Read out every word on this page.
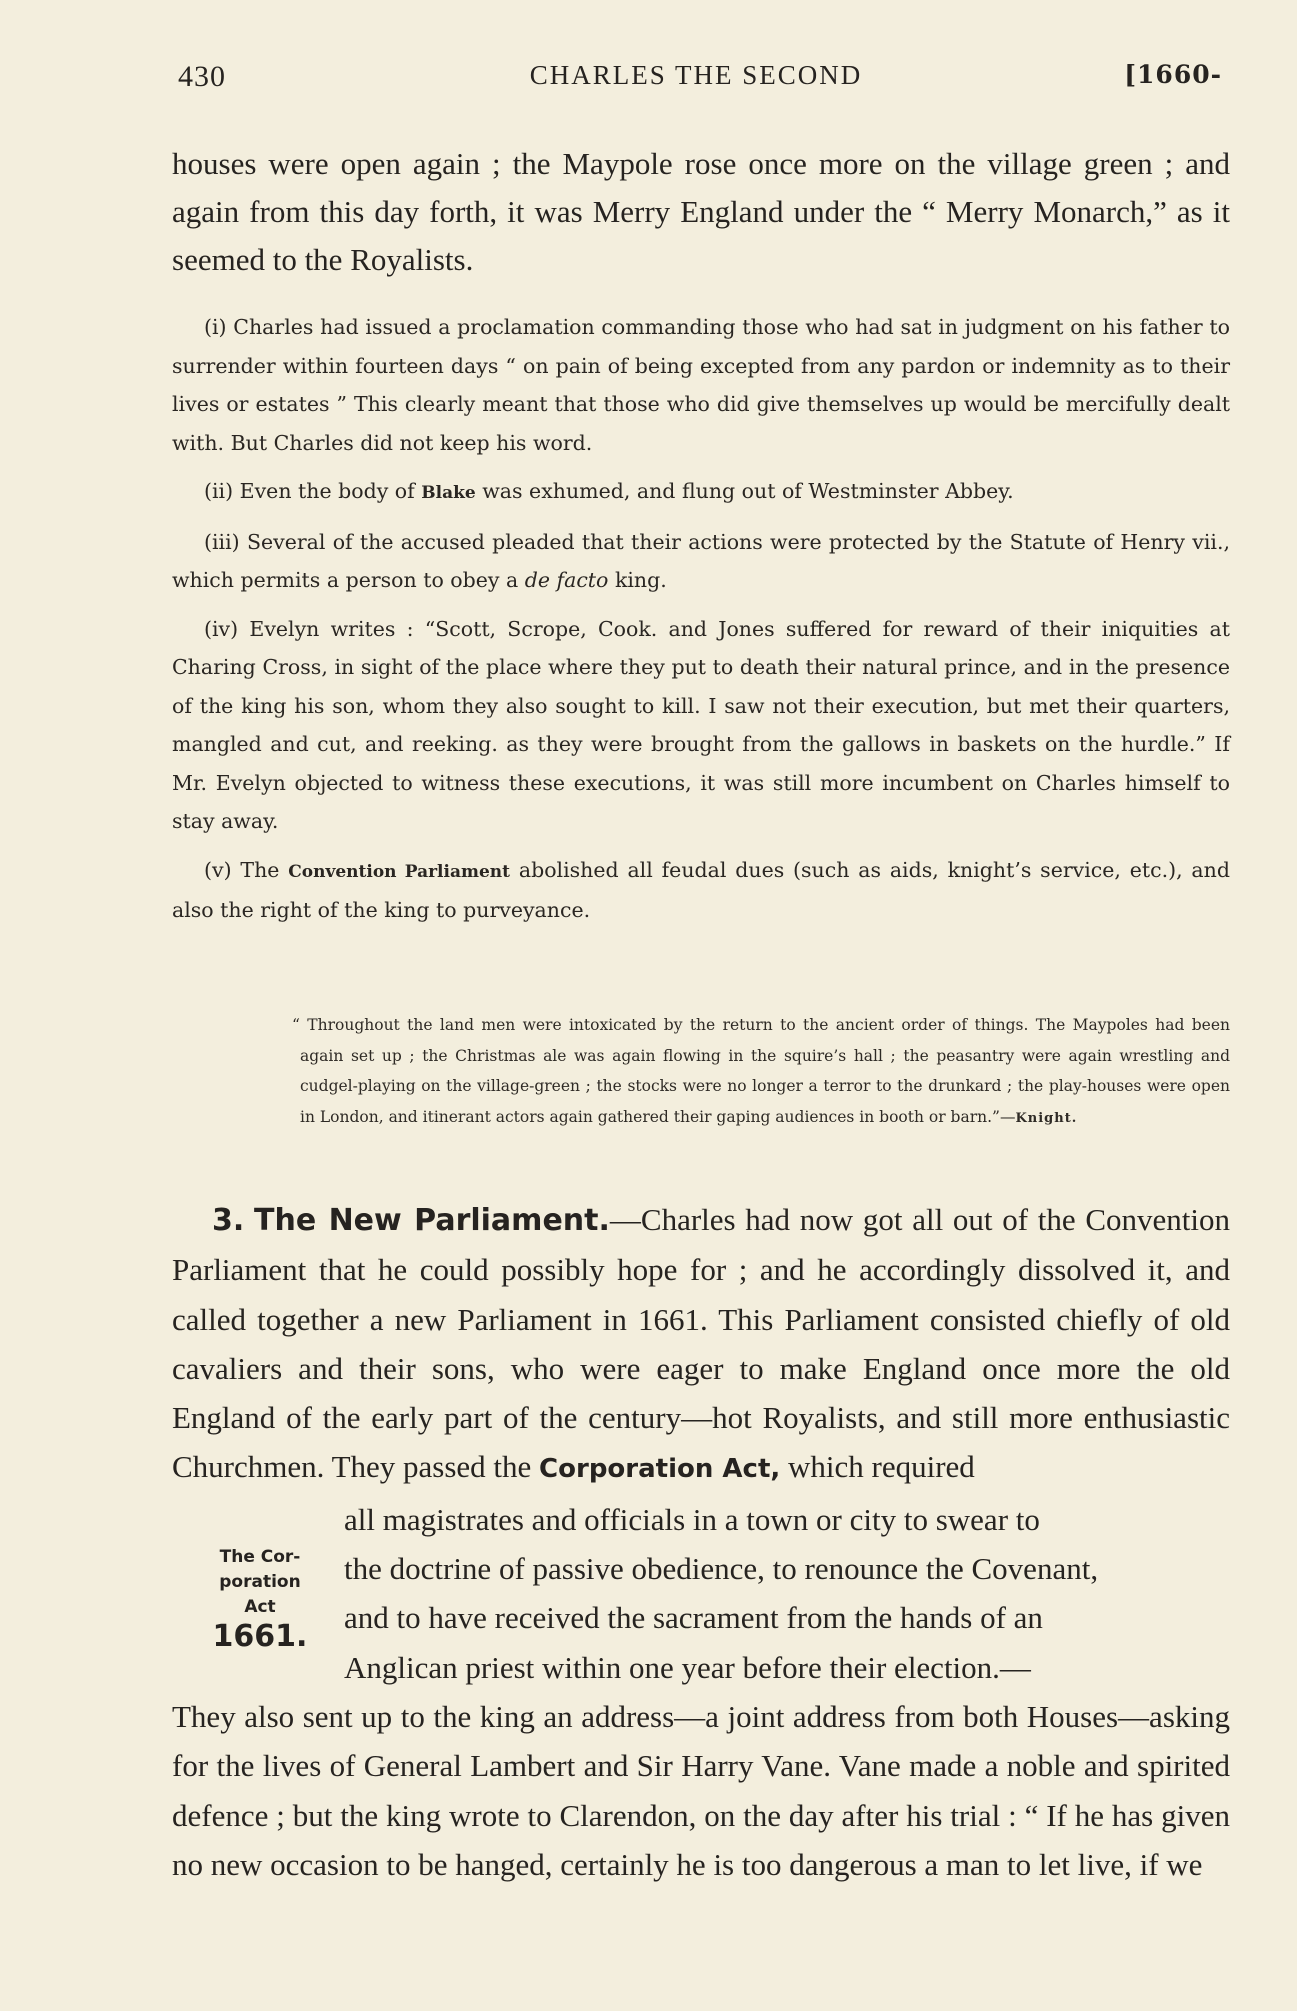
430	CHARLES THE SECOND	[1660-
houses were open again ; the Maypole rose once more on the village green ; and again from this day forth, it was Merry England under the “ Merry Monarch,” as it seemed to the Royalists.

(i) Charles had issued a proclamation commanding those who had sat in judgment on his father to surrender within fourteen days “ on pain of being excepted from any pardon or indemnity as to their lives or estates ” This clearly meant that those who did give themselves up would be mercifully dealt with. But Charles did not keep his word.

(ii) Even the body of Blake was exhumed, and flung out of Westminster Abbey.

(iii) Several of the accused pleaded that their actions were protected by the Statute of Henry vii., which permits a person to obey a de facto king.

(iv) Evelyn writes : “Scott, Scrope, Cook. and Jones suffered for reward of their iniquities at Charing Cross, in sight of the place where they put to death their natural prince, and in the presence of the king his son, whom they also sought to kill. I saw not their execution, but met their quarters, mangled and cut, and reeking. as they were brought from the gallows in baskets on the hurdle.” If Mr. Evelyn objected to witness these executions, it was still more incumbent on Charles himself to stay away.

(v) The Convention Parliament abolished all feudal dues (such as aids, knight’s service, etc.), and also the right of the king to purveyance.

“ Throughout the land men were intoxicated by the return to the ancient order of things. The Maypoles had been again set up ; the Christmas ale was again flowing in the squire’s hall ; the peasantry were again wrestling and cudgel-playing on the village-green ; the stocks were no longer a terror to the drunkard ; the play-houses were open in London, and itinerant actors again gathered their gaping audiences in booth or barn.”—Knight.

3. The New Parliament.—Charles had now got all out of the Convention Parliament that he could possibly hope for ; and he accordingly dissolved it, and called together a new Parliament in 1661. This Parliament consisted chiefly of old cavaliers and their sons, who were eager to make England once more the old England of the early part of the century—hot Royalists, and still more enthusiastic Churchmen. They passed the Corporation Act, which required

all magistrates and officials in a town or city to swear to
the doctrine of passive obedience, to renounce the Covenant,
and to have received the sacrament from the hands of an
Anglican priest within one year before their election.—

They also sent up to the king an address—a joint address from both Houses—asking for the lives of General Lambert and Sir Harry Vane. Vane made a noble and spirited defence ; but the king wrote to Clarendon, on the day after his trial : “ If he has given no new occasion to be hanged, certainly he is too dangerous a man to let live, if we

The Cor-
poration
Act
1661.
